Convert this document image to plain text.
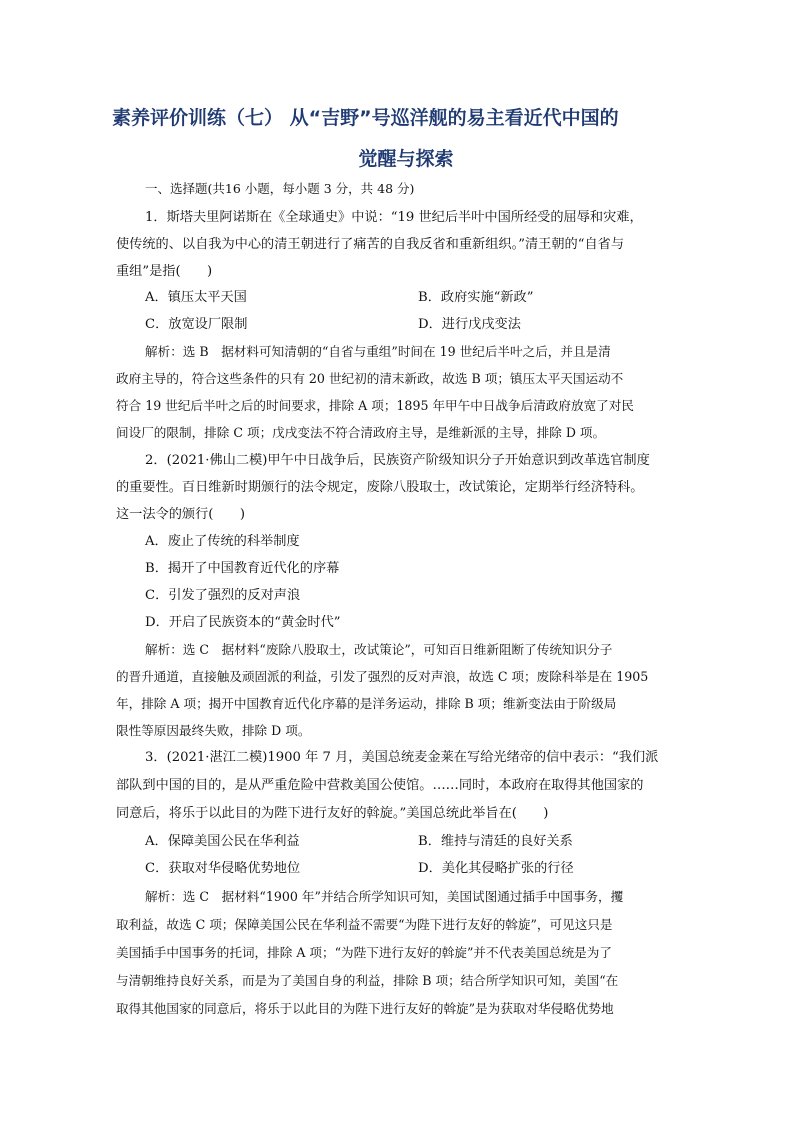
素养评价训练（七） 从“吉野”号巡洋舰的易主看近代中国的
觉醒与探索
一、选择题(共16 小题，每小题 3 分，共 48 分)
1．斯塔夫里阿诺斯在《全球通史》中说：“19 世纪后半叶中国所经受的屈辱和灾难，
使传统的、以自我为中心的清王朝进行了痛苦的自我反省和重新组织。”清王朝的“自省与
重组”是指(　　)
A．镇压太平天国	B．政府实施“新政”
C．放宽设厂限制	D．进行戊戌变法
解析：选 B　据材料可知清朝的“自省与重组”时间在 19 世纪后半叶之后，并且是清
政府主导的，符合这些条件的只有 20 世纪初的清末新政，故选 B 项；镇压太平天国运动不
符合 19 世纪后半叶之后的时间要求，排除 A 项；1895 年甲午中日战争后清政府放宽了对民
间设厂的限制，排除 C 项；戊戌变法不符合清政府主导，是维新派的主导，排除 D 项。
2．(2021·佛山二模)甲午中日战争后，民族资产阶级知识分子开始意识到改革选官制度
的重要性。百日维新时期颁行的法令规定，废除八股取士，改试策论，定期举行经济特科。
这一法令的颁行(　　)
A．废止了传统的科举制度
B．揭开了中国教育近代化的序幕
C．引发了强烈的反对声浪
D．开启了民族资本的“黄金时代”
解析：选 C　据材料“废除八股取士，改试策论”，可知百日维新阻断了传统知识分子
的晋升通道，直接触及顽固派的利益，引发了强烈的反对声浪，故选 C 项；废除科举是在 1905
年，排除 A 项；揭开中国教育近代化序幕的是洋务运动，排除 B 项；维新变法由于阶级局
限性等原因最终失败，排除 D 项。
3．(2021·湛江二模)1900 年 7 月，美国总统麦金莱在写给光绪帝的信中表示：“我们派
部队到中国的目的，是从严重危险中营救美国公使馆。……同时，本政府在取得其他国家的
同意后，将乐于以此目的为陛下进行友好的斡旋。”美国总统此举旨在(　　)
A．保障美国公民在华利益	B．维持与清廷的良好关系
C．获取对华侵略优势地位	D．美化其侵略扩张的行径
解析：选 C　据材料“1900 年”并结合所学知识可知，美国试图通过插手中国事务，攫
取利益，故选 C 项；保障美国公民在华利益不需要“为陛下进行友好的斡旋”，可见这只是
美国插手中国事务的托词，排除 A 项；“为陛下进行友好的斡旋”并不代表美国总统是为了
与清朝维持良好关系，而是为了美国自身的利益，排除 B 项；结合所学知识可知，美国“在
取得其他国家的同意后，将乐于以此目的为陛下进行友好的斡旋”是为获取对华侵略优势地
